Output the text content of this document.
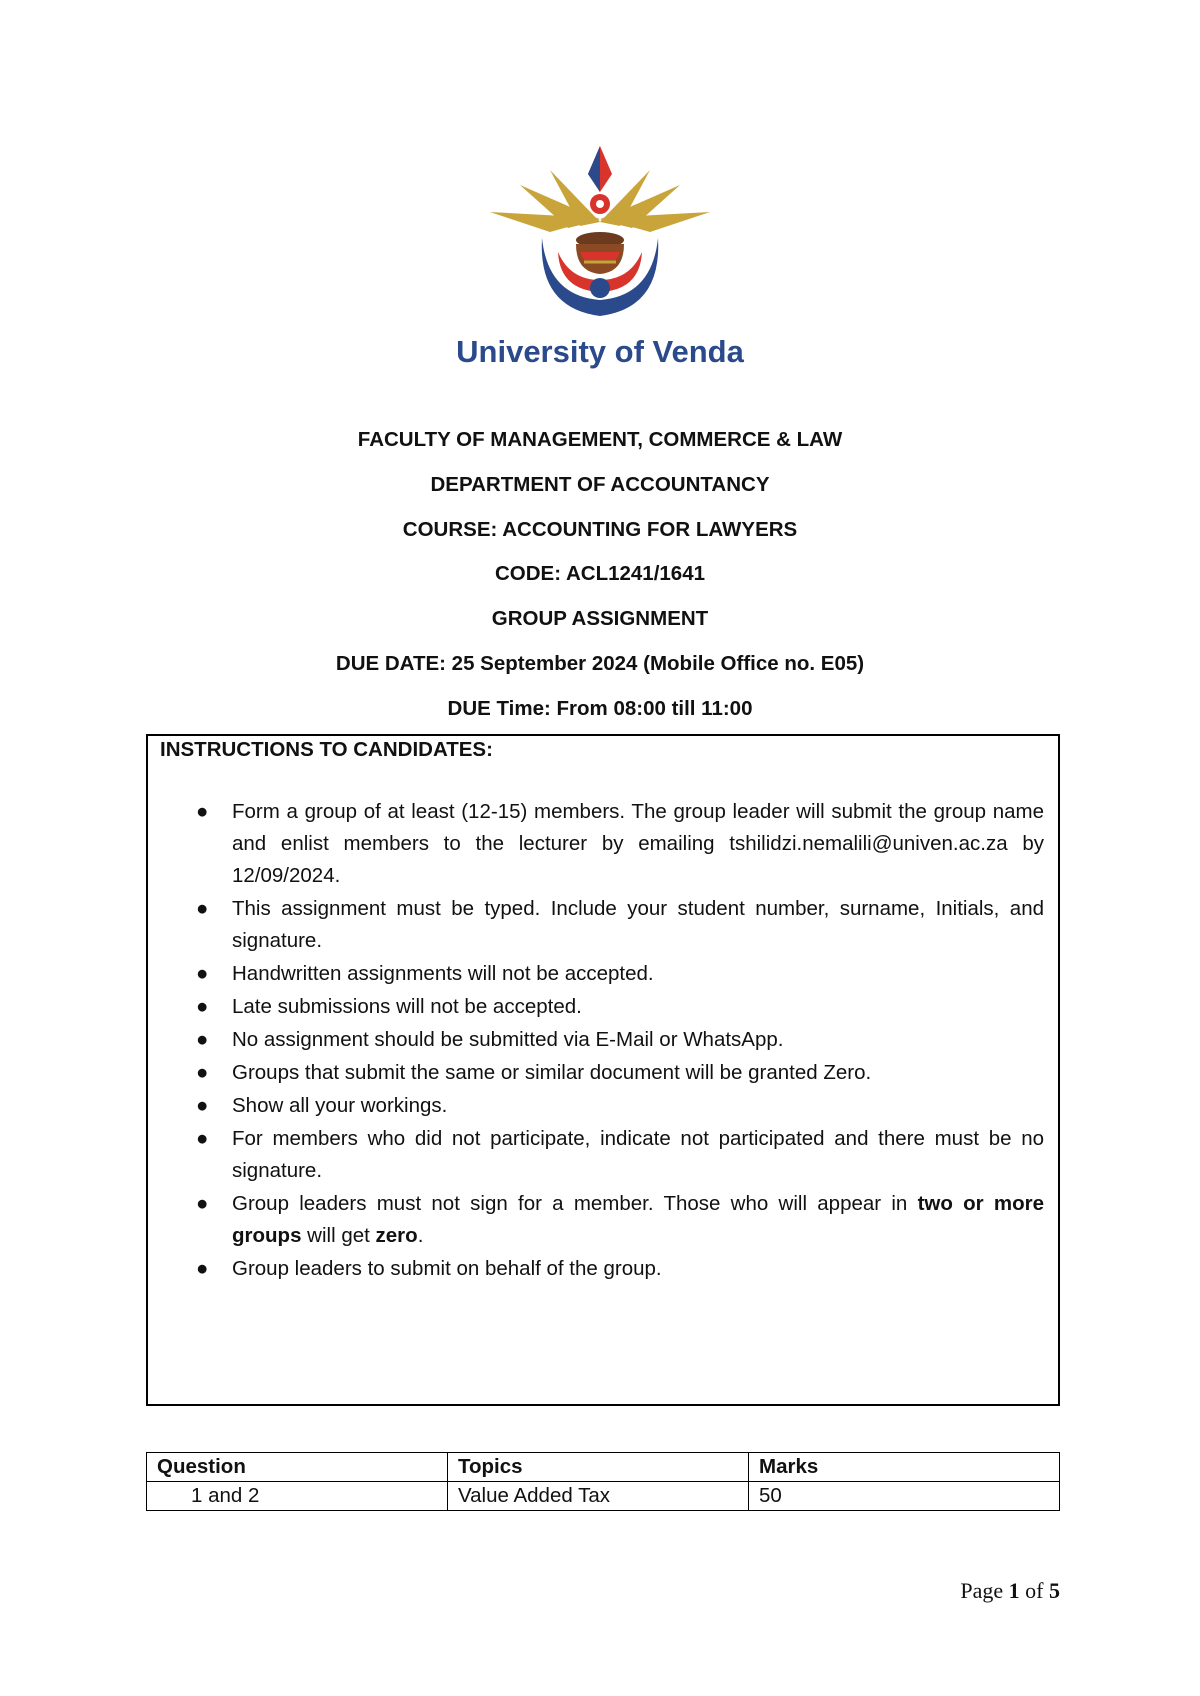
University of Venda
FACULTY OF MANAGEMENT, COMMERCE & LAW
DEPARTMENT OF ACCOUNTANCY
COURSE: ACCOUNTING FOR LAWYERS
CODE: ACL1241/1641
GROUP ASSIGNMENT
DUE DATE: 25 September 2024 (Mobile Office no. E05)
DUE Time: From 08:00 till 11:00
INSTRUCTIONS TO CANDIDATES:
● Form a group of at least (12-15) members. The group leader will submit the group name and enlist members to the lecturer by emailing tshilidzi.nemalili@univen.ac.za by 12/09/2024.
● This assignment must be typed. Include your student number, surname, Initials, and signature.
● Handwritten assignments will not be accepted.
● Late submissions will not be accepted.
● No assignment should be submitted via E-Mail or WhatsApp.
● Groups that submit the same or similar document will be granted Zero.
● Show all your workings.
● For members who did not participate, indicate not participated and there must be no signature.
● Group leaders must not sign for a member. Those who will appear in two or more groups will get zero.
● Group leaders to submit on behalf of the group.
Question	Topics	Marks
1 and 2	Value Added Tax	50
Page 1 of 5
